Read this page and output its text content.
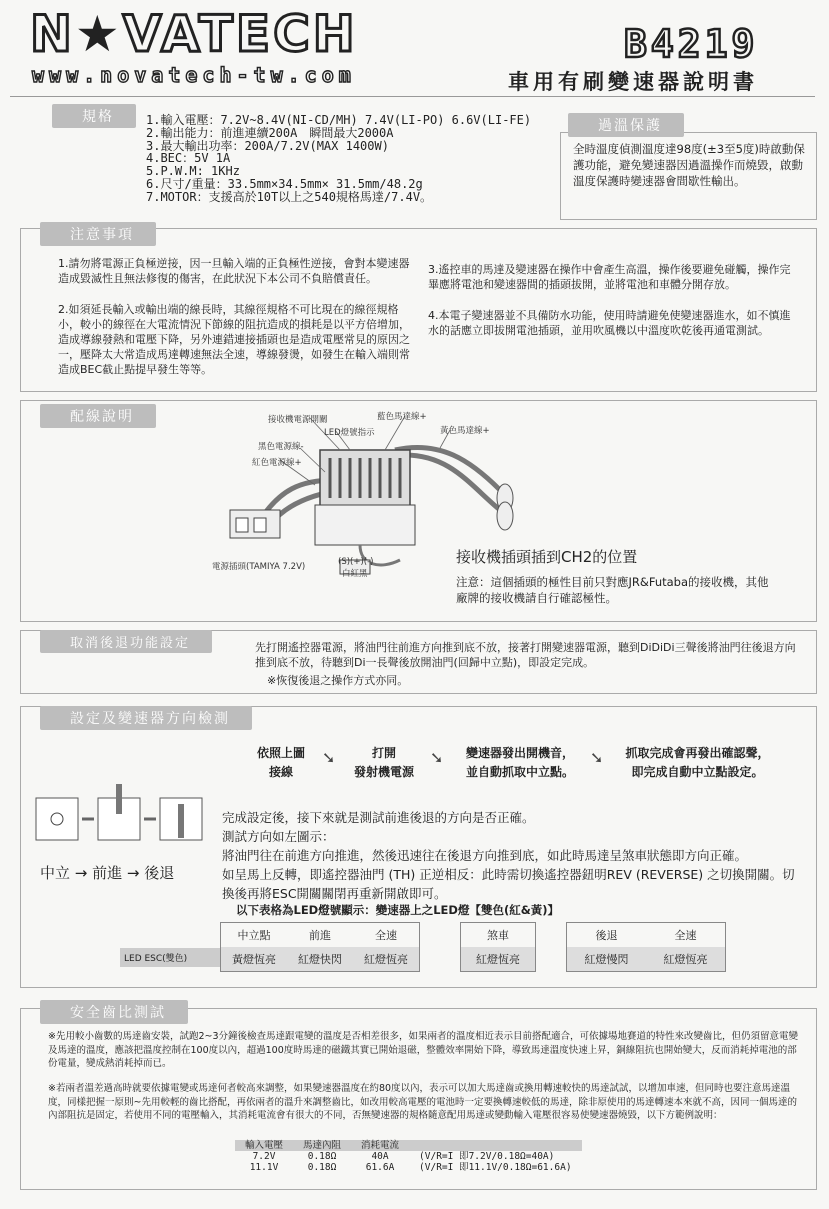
N★VATECH
www.novatech-tw.com
B4219
車用有刷變速器說明書
規格	1.輸入電壓：7.2V~8.4V(NI-CD/MH) 7.4V(LI-PO) 6.6V(LI-FE)
2.輸出能力：前進連續200A　瞬間最大2000A
3.最大輸出功率：200A/7.2V(MAX 1400W)
4.BEC：5V 1A
5.P.W.M: 1KHz
6.尺寸/重量：33.5mm×34.5mm× 31.5mm/48.2g
7.MOTOR：支援高於10T以上之540規格馬達/7.4V。
過溫保護
全時溫度偵測溫度達98度(±3至5度)時啟動保護功能，避免變速器因過溫操作而燒毀，啟動溫度保護時變速器會間歇性輸出。
注意事項
1.請勿將電源正負極逆接，因一旦輸入端的正負極性逆接，會對本變速器造成毀滅性且無法修復的傷害，在此狀況下本公司不負賠償責任。
2.如須延長輸入或輸出端的線長時，其線徑規格不可比現在的線徑規格小，較小的線徑在大電流情況下節線的阻抗造成的損耗是以平方倍增加，造成導線發熱和電壓下降，另外連錯連接插頭也是造成電壓常見的原因之一，壓降太大常造成馬達轉速無法全速，導線發燙，如發生在輸入端則常造成BEC截止點提早發生等等。
3.遙控車的馬達及變速器在操作中會產生高溫，操作後要避免碰觸，操作完畢應將電池和變速器間的插頭拔開，並將電池和車體分開存放。
4.本電子變速器並不具備防水功能，使用時請避免使變速器進水，如不慎進水的話應立即拔開電池插頭，並用吹風機以中溫度吹乾後再通電測試。
配線說明	接收機電源開關
LED燈號指示
藍色馬達線+
黃色馬達線+
黑色電源線-
紅色電源線+
電源插頭(TAMIYA 7.2V)	(S)(+)(-)
白紅黑
接收機插頭插到CH2的位置
注意：這個插頭的極性目前只對應JR&Futaba的接收機，其他廠牌的接收機請自行確認極性。
取消後退功能設定	先打開遙控器電源，將油門往前進方向推到底不放，接著打開變速器電源，聽到DiDiDi三聲後將油門往後退方向推到底不放，待聽到Di一長聲後放開油門(回歸中立點)，即設定完成。
※恢復後退之操作方式亦同。
設定及變速器方向檢測
依照上圖
接線
➘	打開
發射機電源
➘	變速器發出開機音，
並自動抓取中立點。
➘	抓取完成會再發出確認聲，
即完成自動中立點設定。
中立 → 前進 → 後退
完成設定後，接下來就是測試前進後退的方向是否正確。
測試方向如左圖示：
將油門往在前進方向推進，然後迅速往在後退方向推到底，如此時馬達呈煞車狀態即方向正確。
如呈馬上反轉，即遙控器油門 (TH) 正逆相反：此時需切換遙控器鈕明REV (REVERSE) 之切換開關。切換後再將ESC開關關閉再重新開啟即可。
以下表格為LED燈號顯示：變速器上之LED燈【雙色(紅&黃)】
中立點	前進	全速
黃燈恆亮	紅燈快閃	紅燈恆亮
煞車
紅燈恆亮
後退	全速
紅燈慢閃	紅燈恆亮
LED ESC(雙色)
安全齒比測試
※先用較小齒數的馬達齒安裝，試跑2~3分鐘後檢查馬達跟電變的溫度是否相差很多，如果兩者的溫度相近表示目前搭配適合，可依據場地賽道的特性來改變齒比，但仍須留意電變及馬達的溫度，應該把溫度控制在100度以內，超過100度時馬達的磁鐵其實已開始退磁，整體效率開始下降，導致馬達溫度快速上昇，銅線阻抗也開始變大，反而消耗掉電池的部份電量，變成熱消耗掉而已。
※若兩者溫差過高時就要依據電變或馬達何者較高來調整，如果變速器溫度在約80度以內，表示可以加大馬達齒或換用轉速較快的馬達試試，以增加車速，但同時也要注意馬達溫度，同樣把握一原則~先用較輕的齒比搭配，再依兩者的溫升來調整齒比，如改用較高電壓的電池時一定要換轉速較低的馬達，除非原使用的馬達轉速本來就不高，因同一個馬達的內部阻抗是固定，若使用不同的電壓輸入，其消耗電流會有很大的不同，否無變速器的規格隨意配用馬達或變動輸入電壓很容易使變速器燒毀，以下方範例說明：
輸入電壓	馬達內阻	消耗電流	
7.2V	0.18Ω	40A	(V/R=I 即7.2V/0.18Ω=40A)
11.1V	0.18Ω	61.6A	(V/R=I 即11.1V/0.18Ω=61.6A)
